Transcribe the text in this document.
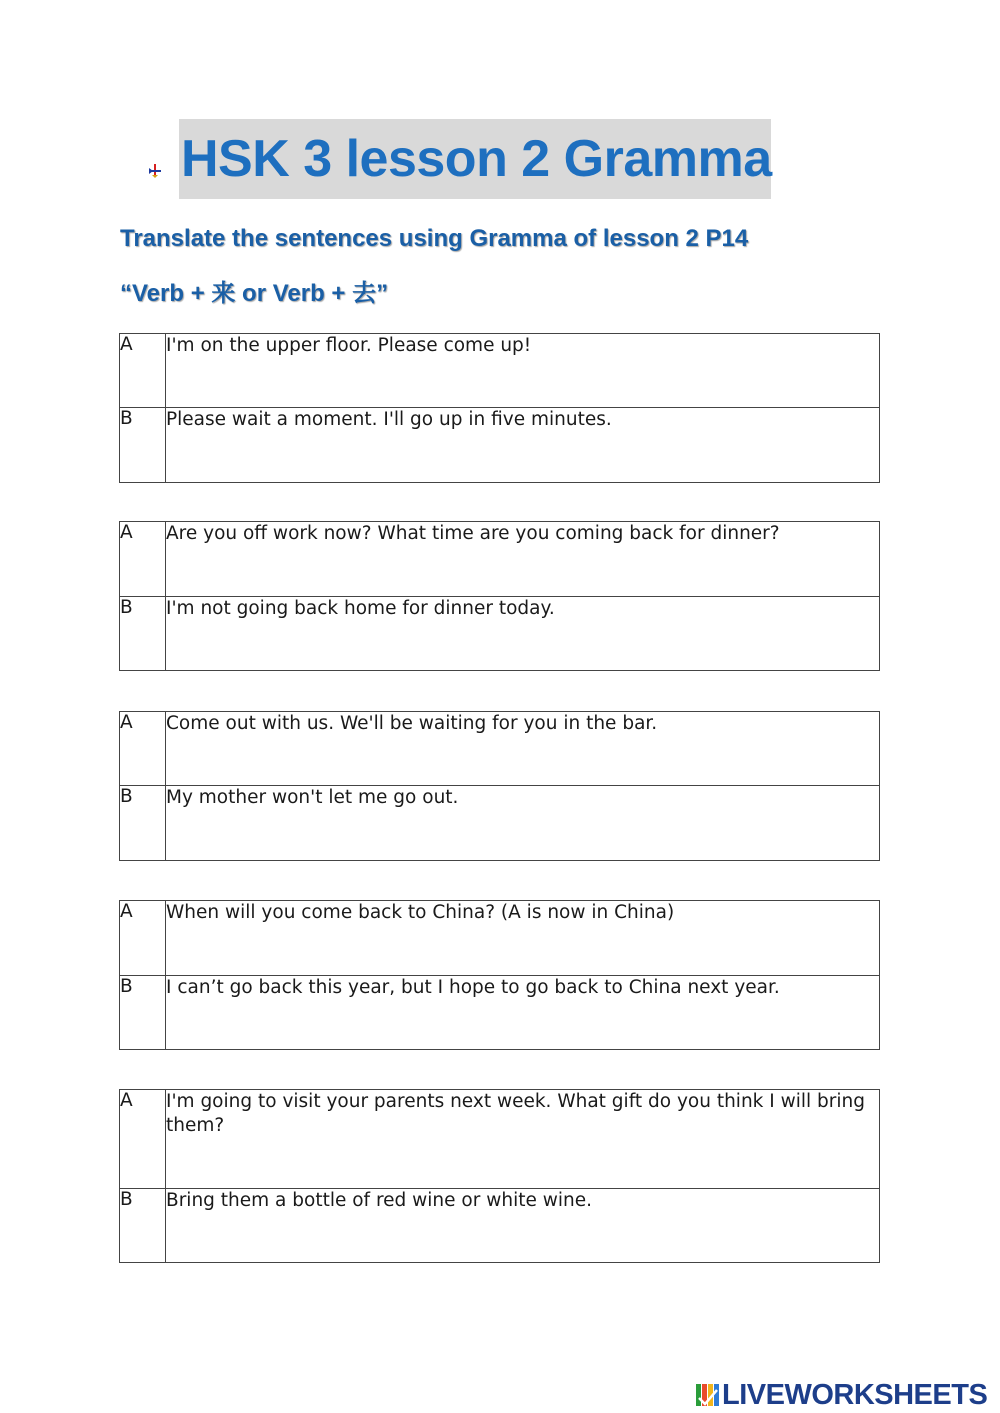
HSK 3 lesson 2 Gramma
Translate the sentences using Gramma of lesson 2 P14
“Verb + 来 or Verb + 去”
A	I'm on the upper floor. Please come up!
B	Please wait a moment. I'll go up in five minutes.
A	Are you off work now? What time are you coming back for dinner?
B	I'm not going back home for dinner today.
A	Come out with us. We'll be waiting for you in the bar.
B	My mother won't let me go out.
A	When will you come back to China? (A is now in China)
B	I can’t go back this year, but I hope to go back to China next year.
A	I'm going to visit your parents next week. What gift do you think I will bring them?
B	Bring them a bottle of red wine or white wine.
LIVEWORKSHEETS
